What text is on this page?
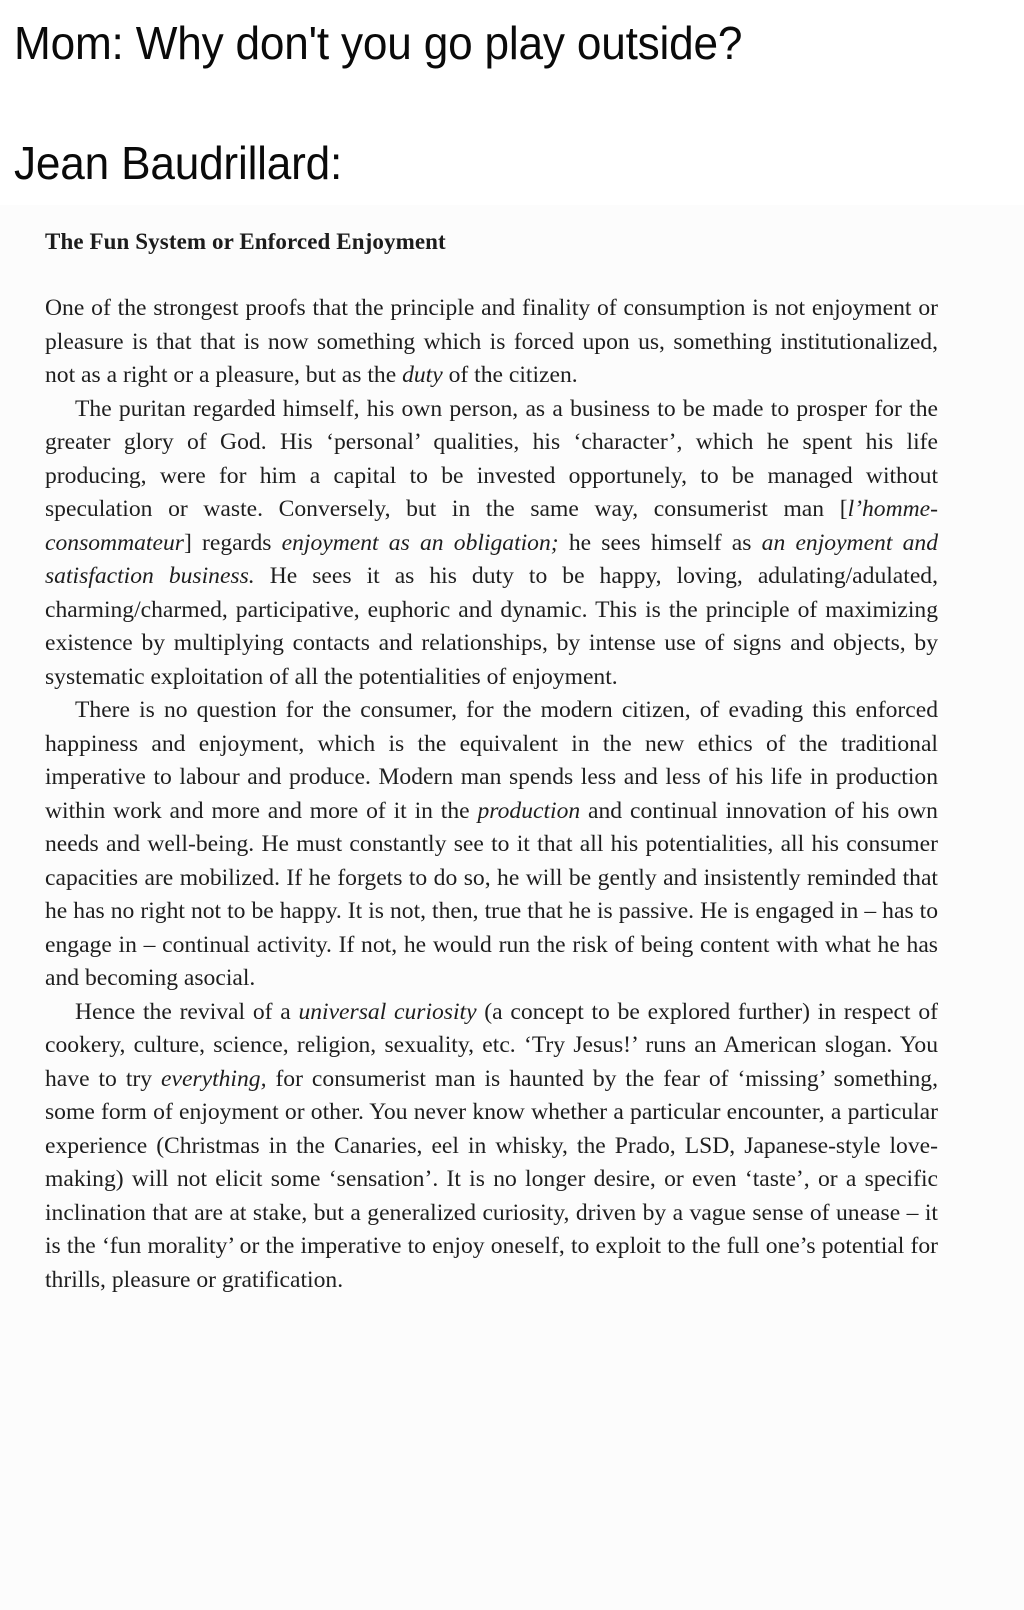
Mom: Why don't you go play outside?
Jean Baudrillard:
The Fun System or Enforced Enjoyment

One of the strongest proofs that the principle and finality of consumption is not enjoyment or pleasure is that that is now something which is forced upon us, something institutionalized, not as a right or a pleasure, but as the duty of the citizen.

The puritan regarded himself, his own person, as a business to be made to prosper for the greater glory of God. His ‘personal’ qualities, his ‘character’, which he spent his life producing, were for him a capital to be invested opportunely, to be managed without speculation or waste. Conversely, but in the same way, consumerist man [l’homme-consommateur] regards enjoyment as an obligation; he sees himself as an enjoyment and satisfaction business. He sees it as his duty to be happy, loving, adulating/adulated, charming/charmed, participative, euphoric and dynamic. This is the principle of maximizing existence by multiplying contacts and relationships, by intense use of signs and objects, by systematic exploitation of all the potentialities of enjoyment.

There is no question for the consumer, for the modern citizen, of evading this enforced happiness and enjoyment, which is the equivalent in the new ethics of the traditional imperative to labour and produce. Modern man spends less and less of his life in production within work and more and more of it in the production and continual innovation of his own needs and well-being. He must constantly see to it that all his potentialities, all his consumer capacities are mobilized. If he forgets to do so, he will be gently and insistently reminded that he has no right not to be happy. It is not, then, true that he is passive. He is engaged in – has to engage in – continual activity. If not, he would run the risk of being content with what he has and becoming asocial.

Hence the revival of a universal curiosity (a concept to be explored further) in respect of cookery, culture, science, religion, sexuality, etc. ‘Try Jesus!’ runs an American slogan. You have to try everything, for consumerist man is haunted by the fear of ‘missing’ something, some form of enjoyment or other. You never know whether a particular encounter, a particular experience (Christmas in the Canaries, eel in whisky, the Prado, LSD, Japanese-style love-making) will not elicit some ‘sensation’. It is no longer desire, or even ‘taste’, or a specific inclination that are at stake, but a generalized curiosity, driven by a vague sense of unease – it is the ‘fun morality’ or the imperative to enjoy oneself, to exploit to the full one’s potential for thrills, pleasure or gratification.
